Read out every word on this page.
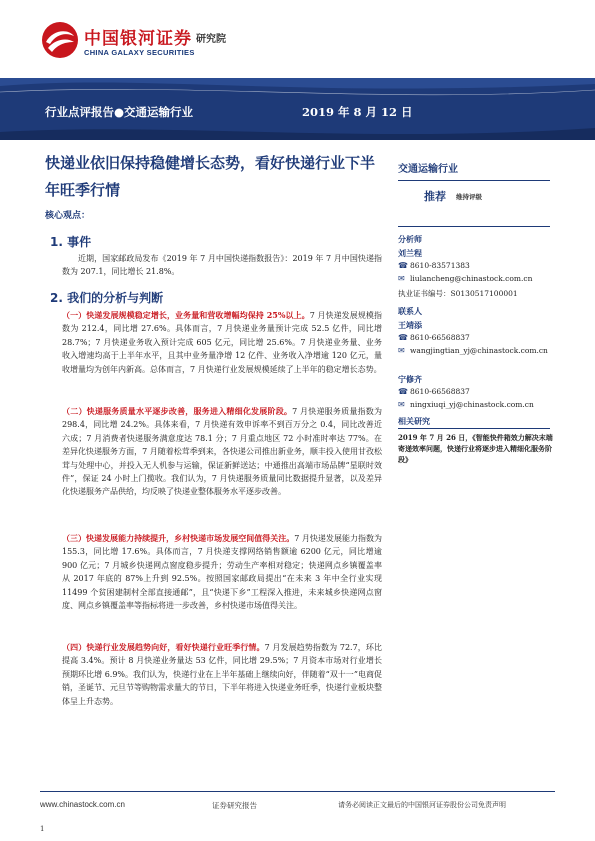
中国银河证券
CHINA GALAXY SECURITIES
研究院
行业点评报告●交通运输行业	2019 年 8 月 12 日
快递业依旧保持稳健增长态势，看好快递行业下半年旺季行情
核心观点：
1. 事件
近期，国家邮政局发布《2019 年 7 月中国快递指数报告》：2019 年 7 月中国快递指数为 207.1，同比增长 21.8%。
2. 我们的分析与判断
（一）快递发展规模稳定增长，业务量和营收增幅均保持 25%以上。7 月快递发展规模指数为 212.4，同比增 27.6%。具体而言，7 月快递业务量预计完成 52.5 亿件，同比增 28.7%；7 月快递业务收入预计完成 605 亿元，同比增 25.6%。7 月快递业务量、业务收入增速均高于上半年水平，且其中业务量净增 12 亿件、业务收入净增逾 120 亿元，量收增量均为创年内新高。总体而言，7 月快递行业发展规模延续了上半年的稳定增长态势。
（二）快递服务质量水平逐步改善，服务进入精细化发展阶段。7 月快递服务质量指数为 298.4，同比增 24.2%。具体来看，7 月快递有效申诉率不到百万分之 0.4，同比改善近六成；7 月消费者快递服务满意度达 78.1 分；7 月重点地区 72 小时准时率达 77%。在差异化快递服务方面，7 月随着松茸季到来，各快递公司推出新业务，顺丰投入使用甘孜松茸与处理中心，并投入无人机参与运输，保证新鲜送达；中通推出高端市场品牌“星联时效件”，保证 24 小时上门揽收。我们认为，7 月快递服务质量同比数据提升显著，以及差异化快递服务产品供给，均反映了快递业整体服务水平逐步改善。
（三）快递发展能力持续提升，乡村快递市场发展空间值得关注。7 月快递发展能力指数为 155.3，同比增 17.6%。具体而言，7 月快递支撑网络销售额逾 6200 亿元，同比增逾 900 亿元；7 月城乡快递网点窗度稳步提升；劳动生产率相对稳定；快递网点乡镇覆盖率从 2017 年底的 87%上升到 92.5%。按照国家邮政局提出“在未来 3 年中全行业实现 11499 个贫困建制村全部直接通邮”，且“快递下乡”工程深入推进，未来城乡快递网点窗度、网点乡镇覆盖率等指标将进一步改善，乡村快递市场值得关注。
（四）快递行业发展趋势向好，看好快递行业旺季行情。7 月发展趋势指数为 72.7，环比提高 3.4%。预计 8 月快递业务量达 53 亿件，同比增 29.5%；7 月资本市场对行业增长预期环比增 6.9%。我们认为，快递行业在上半年基础上继续向好，伴随着“双十一”电商促销，圣诞节、元旦节等购物需求量大的节日，下半年将进入快递业务旺季，快递行业板块整体呈上升态势。
交通运输行业
推荐 维持评级
分析师
刘兰程
☎ 8610-83571383
✉ liulancheng@chinastock.com.cn
执业证书编号：S0130517100001
联系人
王靖添
☎ 8610-66568837
✉ wangjingtian_yj@chinastock.com.cn
宁修齐
☎ 8610-66568837
✉ ningxiuqi_yj@chinastock.com.cn
相关研究
2019 年 7 月 26 日，《智能快件箱效力解决末端寄递效率问题，快递行业将逐步进入精细化服务阶段》
www.chinastock.com.cn	证券研究报告	请务必阅读正文最后的中国银河证券股份公司免责声明
1
